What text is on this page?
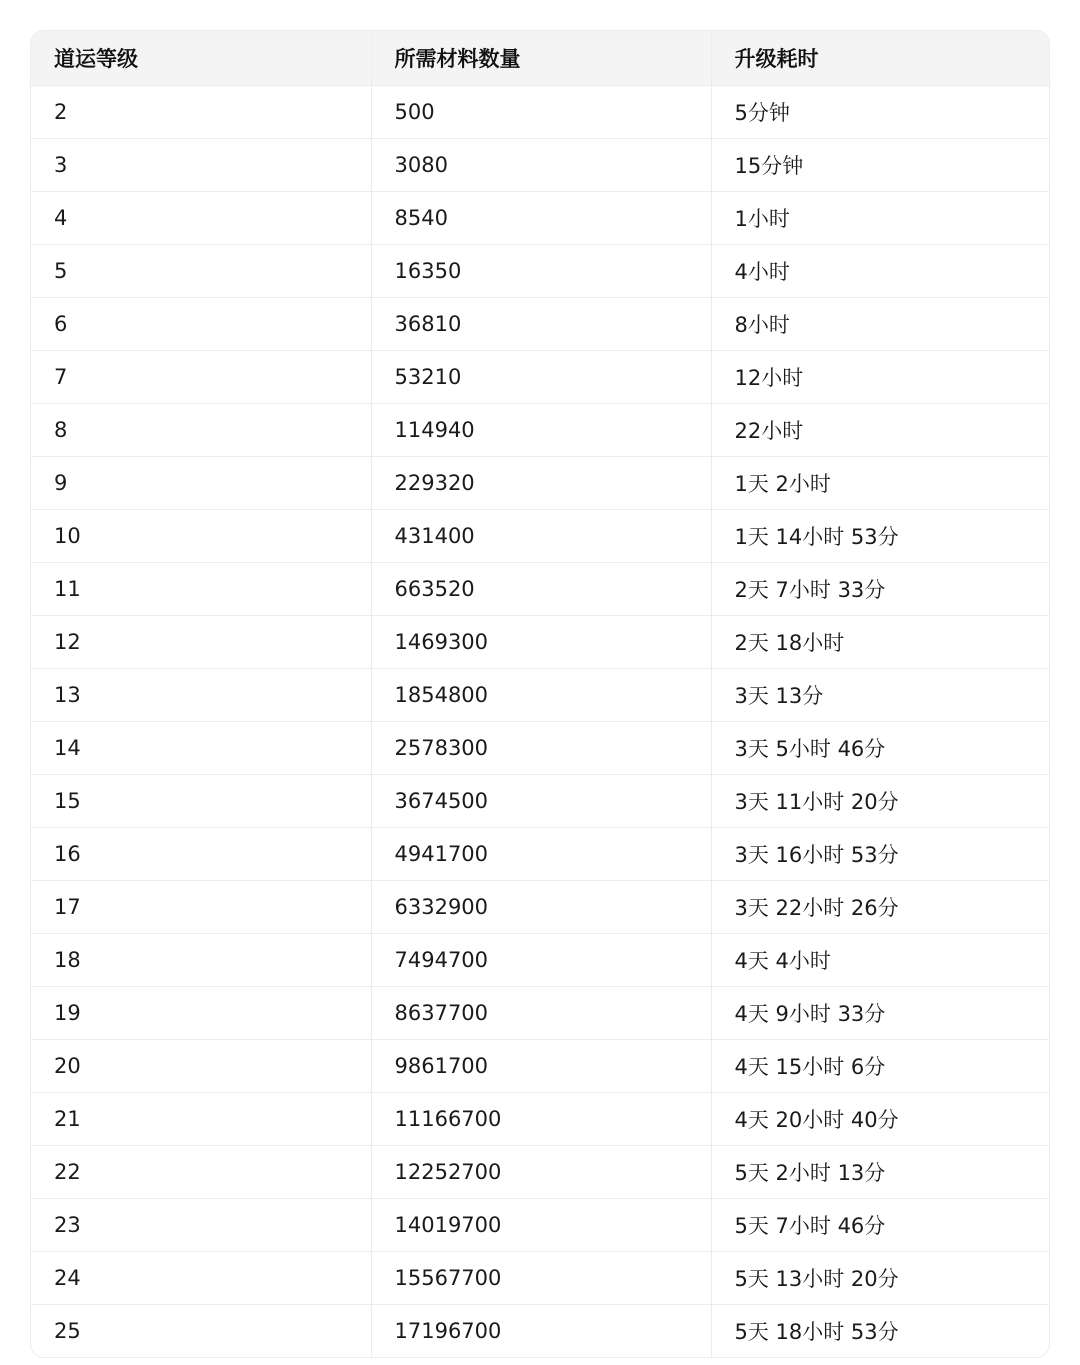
道运等级	所需材料数量	升级耗时
2	500	5分钟
3	3080	15分钟
4	8540	1小时
5	16350	4小时
6	36810	8小时
7	53210	12小时
8	114940	22小时
9	229320	1天 2小时
10	431400	1天 14小时 53分
11	663520	2天 7小时 33分
12	1469300	2天 18小时
13	1854800	3天 13分
14	2578300	3天 5小时 46分
15	3674500	3天 11小时 20分
16	4941700	3天 16小时 53分
17	6332900	3天 22小时 26分
18	7494700	4天 4小时
19	8637700	4天 9小时 33分
20	9861700	4天 15小时 6分
21	11166700	4天 20小时 40分
22	12252700	5天 2小时 13分
23	14019700	5天 7小时 46分
24	15567700	5天 13小时 20分
25	17196700	5天 18小时 53分
